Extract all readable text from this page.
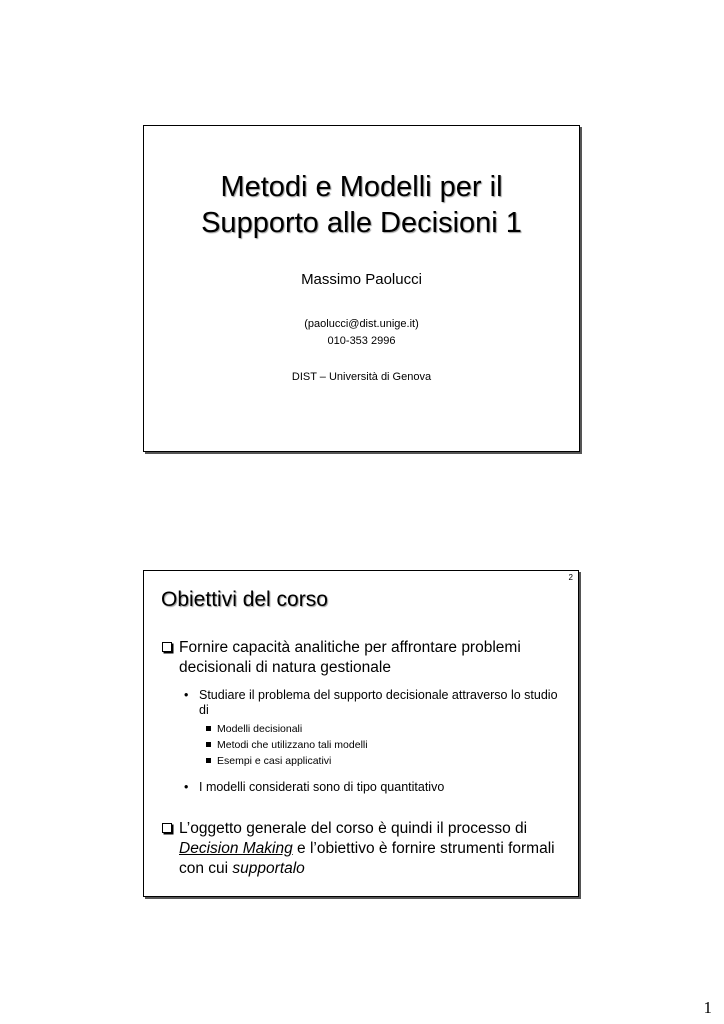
Metodi e Modelli per il
Supporto alle Decisioni 1
Massimo Paolucci
(paolucci@dist.unige.it)
010-353 2996
DIST – Università di Genova
2
Obiettivi del corso
Fornire capacità analitiche per affrontare problemi decisionali di natura gestionale
• Studiare il problema del supporto decisionale attraverso lo studio di
Modelli decisionali
Metodi che utilizzano tali modelli
Esempi e casi applicativi
• I modelli considerati sono di tipo quantitativo
L’oggetto generale del corso è quindi il processo di Decision Making e l’obiettivo è fornire strumenti formali con cui supportalo
1
